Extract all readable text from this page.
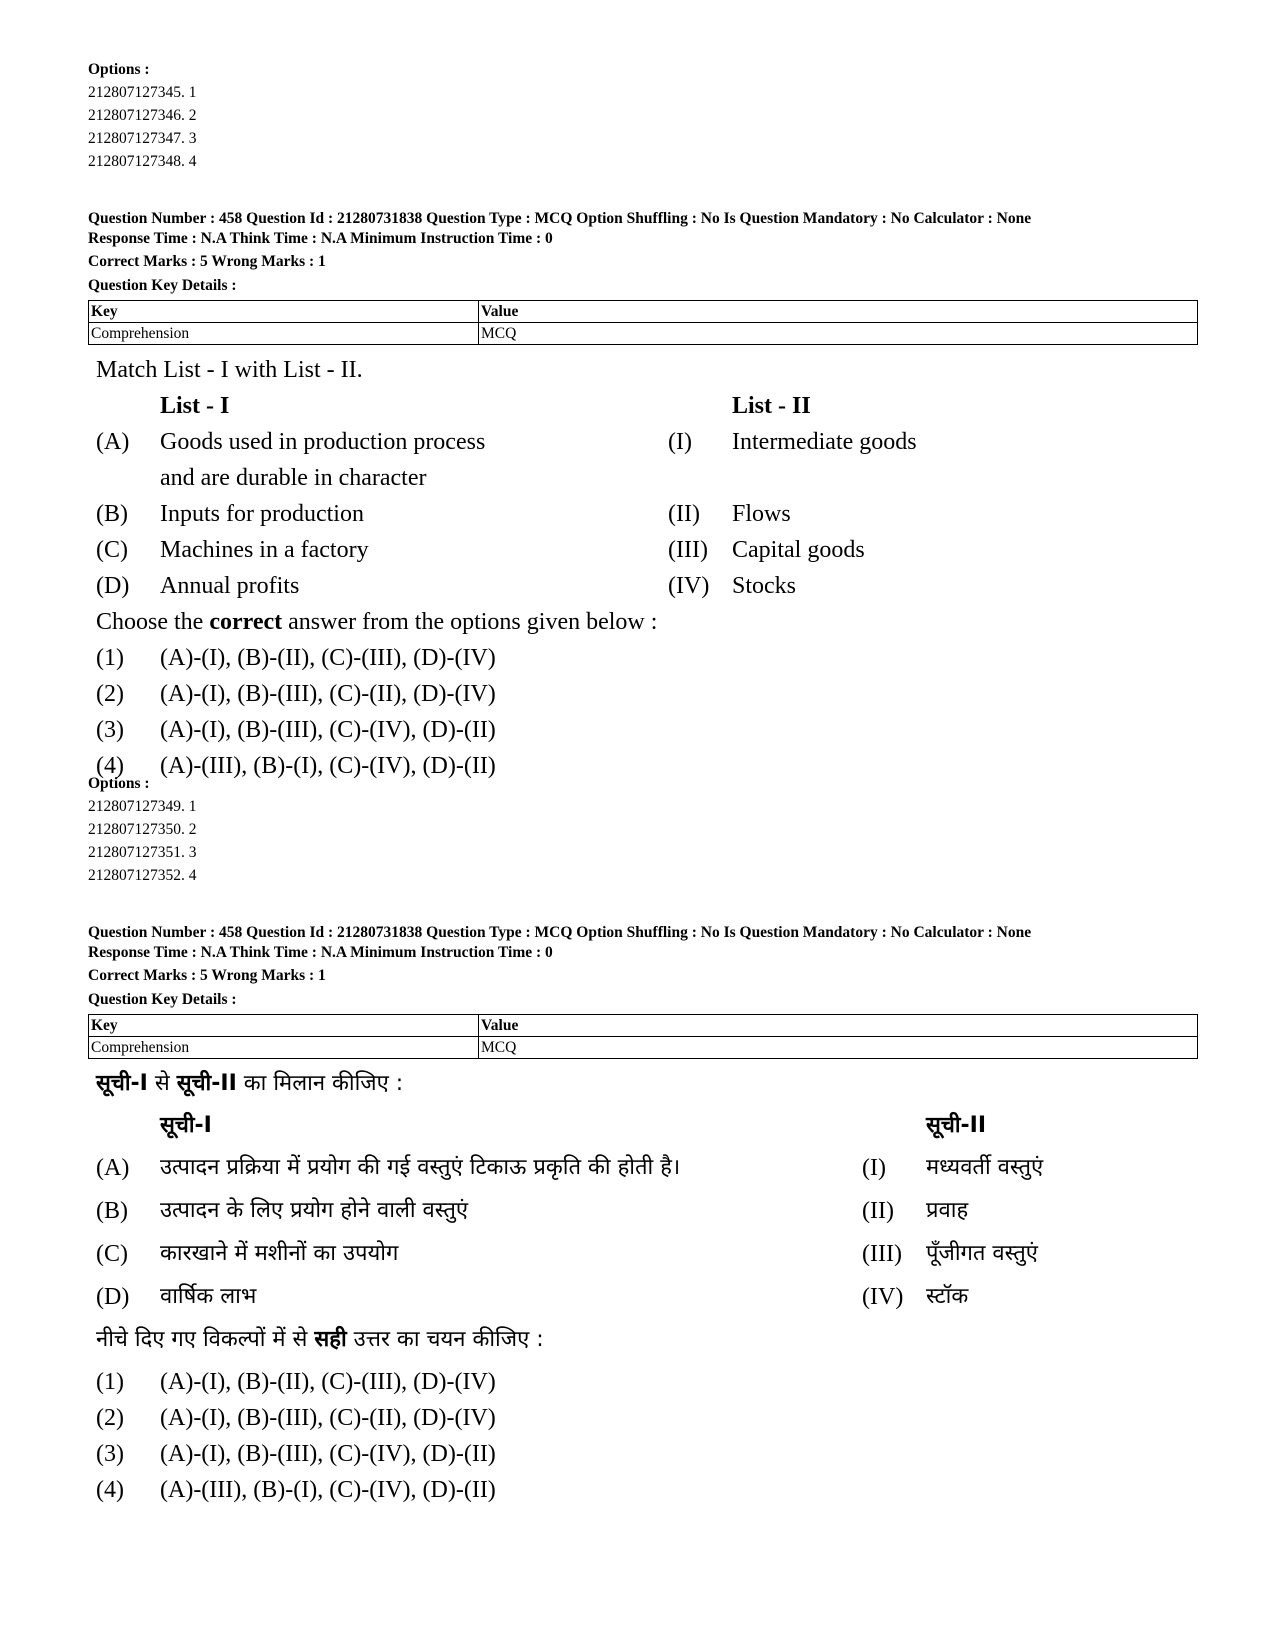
Options :
212807127345. 1
212807127346. 2
212807127347. 3
212807127348. 4
Question Number : 458 Question Id : 21280731838 Question Type : MCQ Option Shuffling : No Is Question Mandatory : No Calculator : None
Response Time : N.A Think Time : N.A Minimum Instruction Time : 0
Correct Marks : 5 Wrong Marks : 1
Question Key Details :
Key	Value
Comprehension	MCQ
Match List - I with List - II.
List - I	List - II
(A) Goods used in production process	(I) Intermediate goods
and are durable in character
(B) Inputs for production	(II) Flows
(C) Machines in a factory	(III) Capital goods
(D) Annual profits	(IV) Stocks
Choose the correct answer from the options given below :
(1) (A)-(I), (B)-(II), (C)-(III), (D)-(IV)
(2) (A)-(I), (B)-(III), (C)-(II), (D)-(IV)
(3) (A)-(I), (B)-(III), (C)-(IV), (D)-(II)
(4) (A)-(III), (B)-(I), (C)-(IV), (D)-(II)
Options :
212807127349. 1
212807127350. 2
212807127351. 3
212807127352. 4
Question Number : 458 Question Id : 21280731838 Question Type : MCQ Option Shuffling : No Is Question Mandatory : No Calculator : None
Response Time : N.A Think Time : N.A Minimum Instruction Time : 0
Correct Marks : 5 Wrong Marks : 1
Question Key Details :
Key	Value
Comprehension	MCQ
सूची-I से सूची-II का मिलान कीजिए :
सूची-I	सूची-II
(A) उत्पादन प्रक्रिया में प्रयोग की गई वस्तुएं टिकाऊ प्रकृति की होती है।	(I) मध्यवर्ती वस्तुएं
(B) उत्पादन के लिए प्रयोग होने वाली वस्तुएं	(II) प्रवाह
(C) कारखाने में मशीनों का उपयोग	(III) पूँजीगत वस्तुएं
(D) वार्षिक लाभ	(IV) स्टॉक
नीचे दिए गए विकल्पों में से सही उत्तर का चयन कीजिए :
(1) (A)-(I), (B)-(II), (C)-(III), (D)-(IV)
(2) (A)-(I), (B)-(III), (C)-(II), (D)-(IV)
(3) (A)-(I), (B)-(III), (C)-(IV), (D)-(II)
(4) (A)-(III), (B)-(I), (C)-(IV), (D)-(II)
